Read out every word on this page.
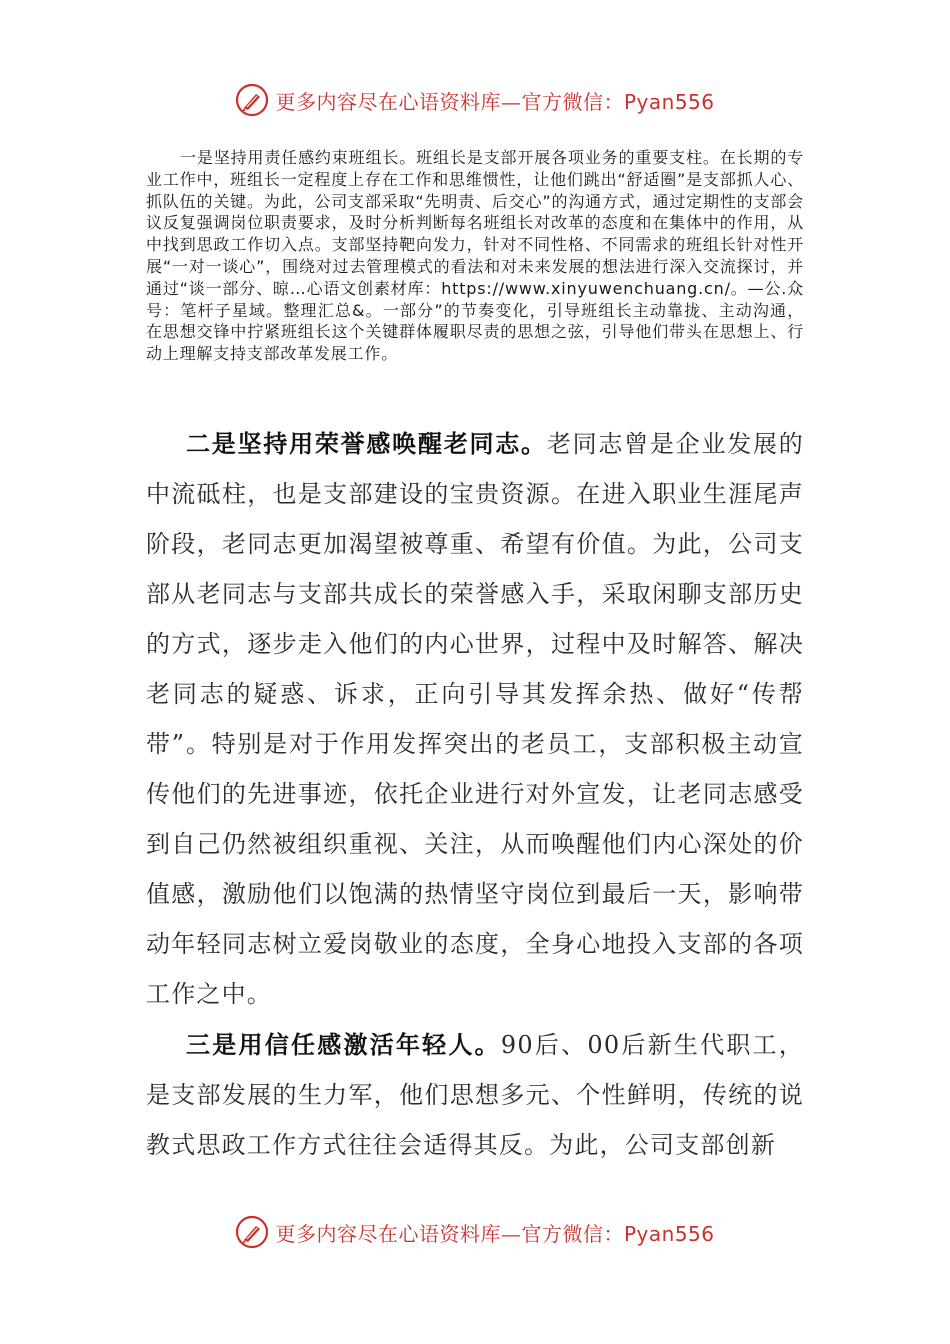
更多内容尽在心语资料库—官方微信：Pyan556

一是坚持用责任感约束班组长。班组长是支部开展各项业务的重要支柱。在长期的专业工作中，班组长一定程度上存在工作和思维惯性，让他们跳出“舒适圈”是支部抓人心、抓队伍的关键。为此，公司支部采取“先明责、后交心”的沟通方式，通过定期性的支部会议反复强调岗位职责要求，及时分析判断每名班组长对改革的态度和在集体中的作用，从中找到思政工作切入点。支部坚持靶向发力，针对不同性格、不同需求的班组长针对性开展“一对一谈心”，围绕对过去管理模式的看法和对未来发展的想法进行深入交流探讨，并通过“谈一部分、晾…心语文创素材库：https://www.xinyuwenchuang.cn/。—公.众号：笔杆子星域。整理汇总&。一部分”的节奏变化，引导班组长主动靠拢、主动沟通，在思想交锋中拧紧班组长这个关键群体履职尽责的思想之弦，引导他们带头在思想上、行动上理解支持支部改革发展工作。

二是坚持用荣誉感唤醒老同志。老同志曾是企业发展的中流砥柱，也是支部建设的宝贵资源。在进入职业生涯尾声阶段，老同志更加渴望被尊重、希望有价值。为此，公司支部从老同志与支部共成长的荣誉感入手，采取闲聊支部历史的方式，逐步走入他们的内心世界，过程中及时解答、解决老同志的疑惑、诉求，正向引导其发挥余热、做好“传帮带”。特别是对于作用发挥突出的老员工，支部积极主动宣传他们的先进事迹，依托企业进行对外宣发，让老同志感受到自己仍然被组织重视、关注，从而唤醒他们内心深处的价值感，激励他们以饱满的热情坚守岗位到最后一天，影响带动年轻同志树立爱岗敬业的态度，全身心地投入支部的各项工作之中。

三是用信任感激活年轻人。90后、00后新生代职工，是支部发展的生力军，他们思想多元、个性鲜明，传统的说教式思政工作方式往往会适得其反。为此，公司支部创新

更多内容尽在心语资料库—官方微信：Pyan556
